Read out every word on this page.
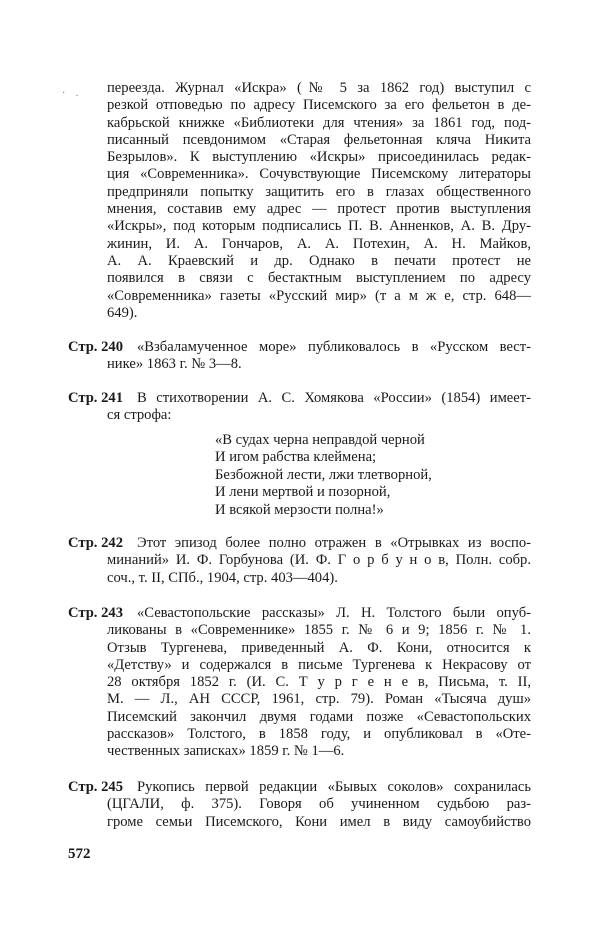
· . переезда. Журнал «Искра» (№ 5 за 1862 год) выступил с
резкой отповедью по адресу Писемского за его фельетон в де-
кабрьской книжке «Библиотеки для чтения» за 1861 год, под-
писанный псевдонимом «Старая фельетонная кляча Никита
Безрылов». К выступлению «Искры» присоединилась редак-
ция «Современника». Сочувствующие Писемскому литераторы
предприняли попытку защитить его в глазах общественного
мнения, составив ему адрес — протест против выступления
«Искры», под которым подписались П. В. Анненков, А. В. Дру-
жинин, И. А. Гончаров, А. А. Потехин, А. Н. Майков,
А. А. Краевский и др. Однако в печати протест не
появился в связи с бестактным выступлением по адресу
«Современника» газеты «Русский мир» (т а м ж е, стр. 648—
649).
Стр. 240 «Взбаламученное море» публиковалось в «Русском вест-
нике» 1863 г. № 3—8.
Стр. 241 В стихотворении А. С. Хомякова «России» (1854) имеет-
ся строфа:
«В судах черна неправдой черной
И игом рабства клеймена;
Безбожной лести, лжи тлетворной,
И лени мертвой и позорной,
И всякой мерзости полна!»
Стр. 242 Этот эпизод более полно отражен в «Отрывках из воспо-
минаний» И. Ф. Горбунова (И. Ф. Г о р б у н о в, Полн. собр.
соч., т. II, СПб., 1904, стр. 403—404).
Стр. 243 «Севастопольские рассказы» Л. Н. Толстого были опуб-
ликованы в «Современнике» 1855 г. № 6 и 9; 1856 г. № 1.
Отзыв Тургенева, приведенный А. Ф. Кони, относится к
«Детству» и содержался в письме Тургенева к Некрасову от
28 октября 1852 г. (И. С. Т у р г е н е в, Письма, т. II,
М. — Л., АН СССР, 1961, стр. 79). Роман «Тысяча душ»
Писемский закончил двумя годами позже «Севастопольских
рассказов» Толстого, в 1858 году, и опубликовал в «Оте-
чественных записках» 1859 г. № 1—6.
Стр. 245 Рукопись первой редакции «Бывых соколов» сохранилась
(ЦГАЛИ, ф. 375). Говоря об учиненном судьбою раз-
громе семьи Писемского, Кони имел в виду самоубийство
572
